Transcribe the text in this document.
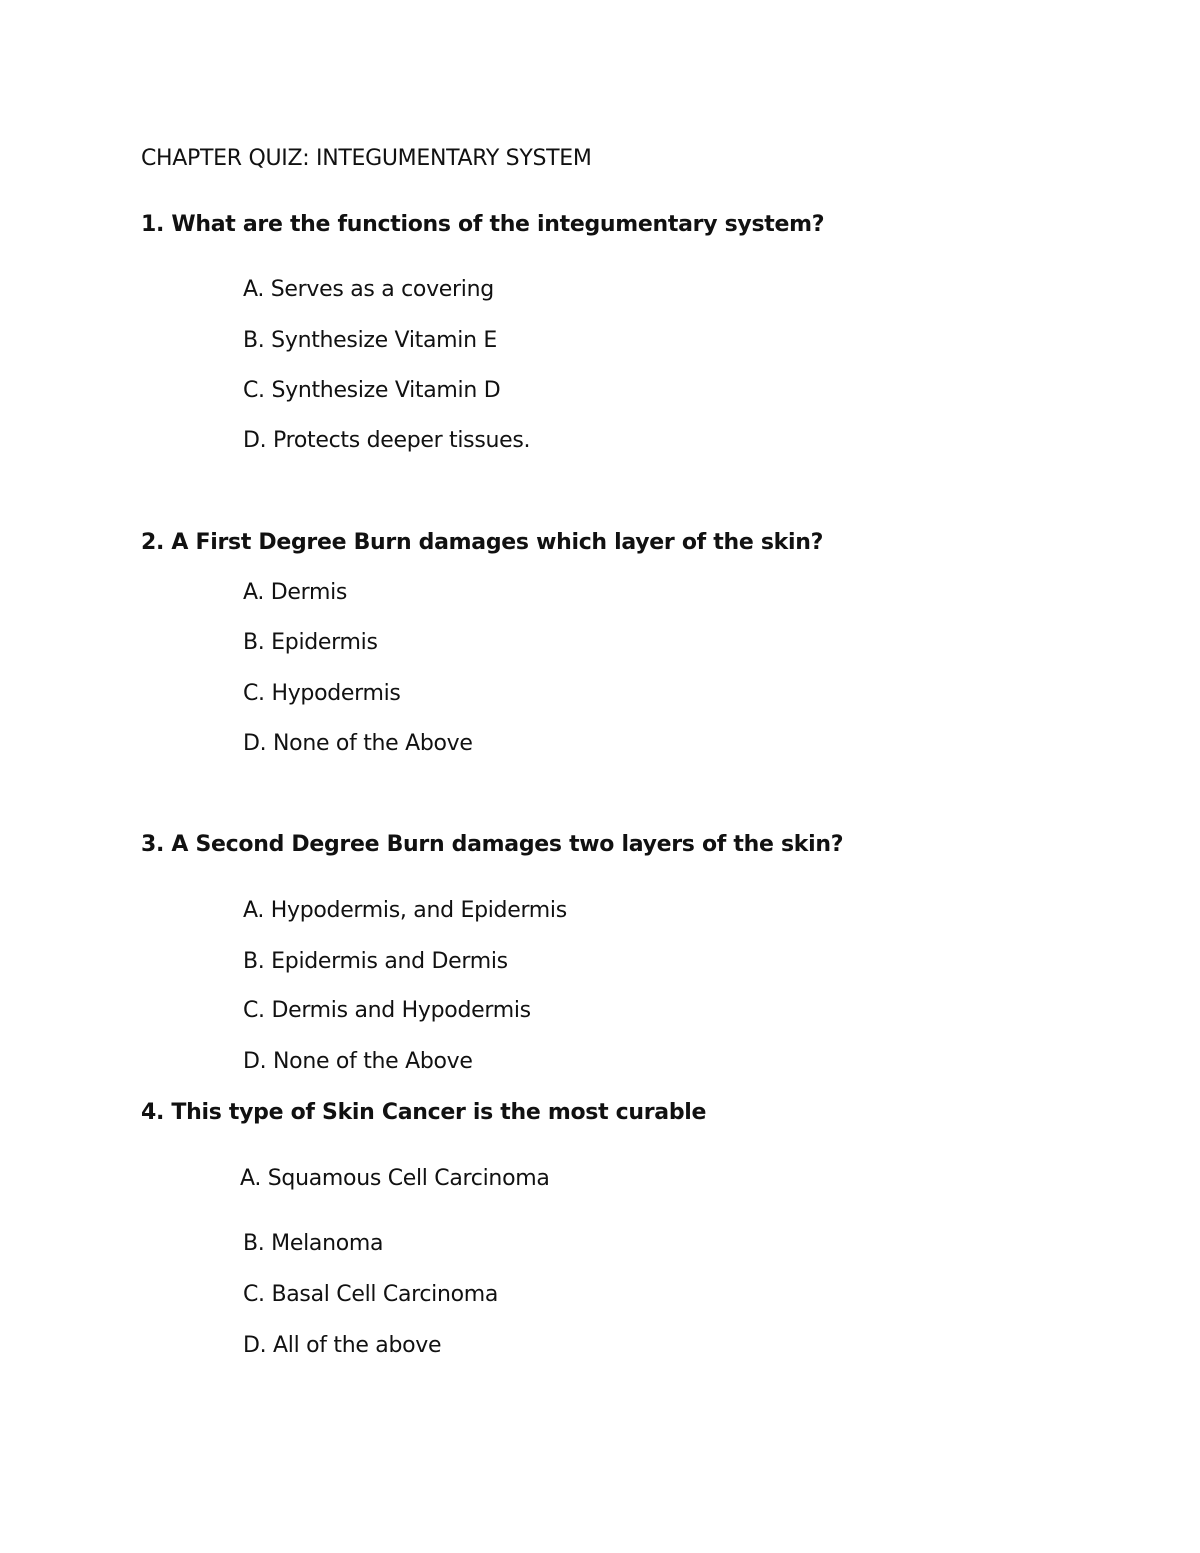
CHAPTER QUIZ: INTEGUMENTARY SYSTEM
1. What are the functions of the integumentary system?
A. Serves as a covering
B. Synthesize Vitamin E
C. Synthesize Vitamin D
D. Protects deeper tissues.
2. A First Degree Burn damages which layer of the skin?
A. Dermis
B. Epidermis
C. Hypodermis
D. None of the Above
3. A Second Degree Burn damages two layers of the skin?
A. Hypodermis, and Epidermis
B. Epidermis and Dermis
C. Dermis and Hypodermis
D. None of the Above
4. This type of Skin Cancer is the most curable
A. Squamous Cell Carcinoma
B. Melanoma
C. Basal Cell Carcinoma
D. All of the above
